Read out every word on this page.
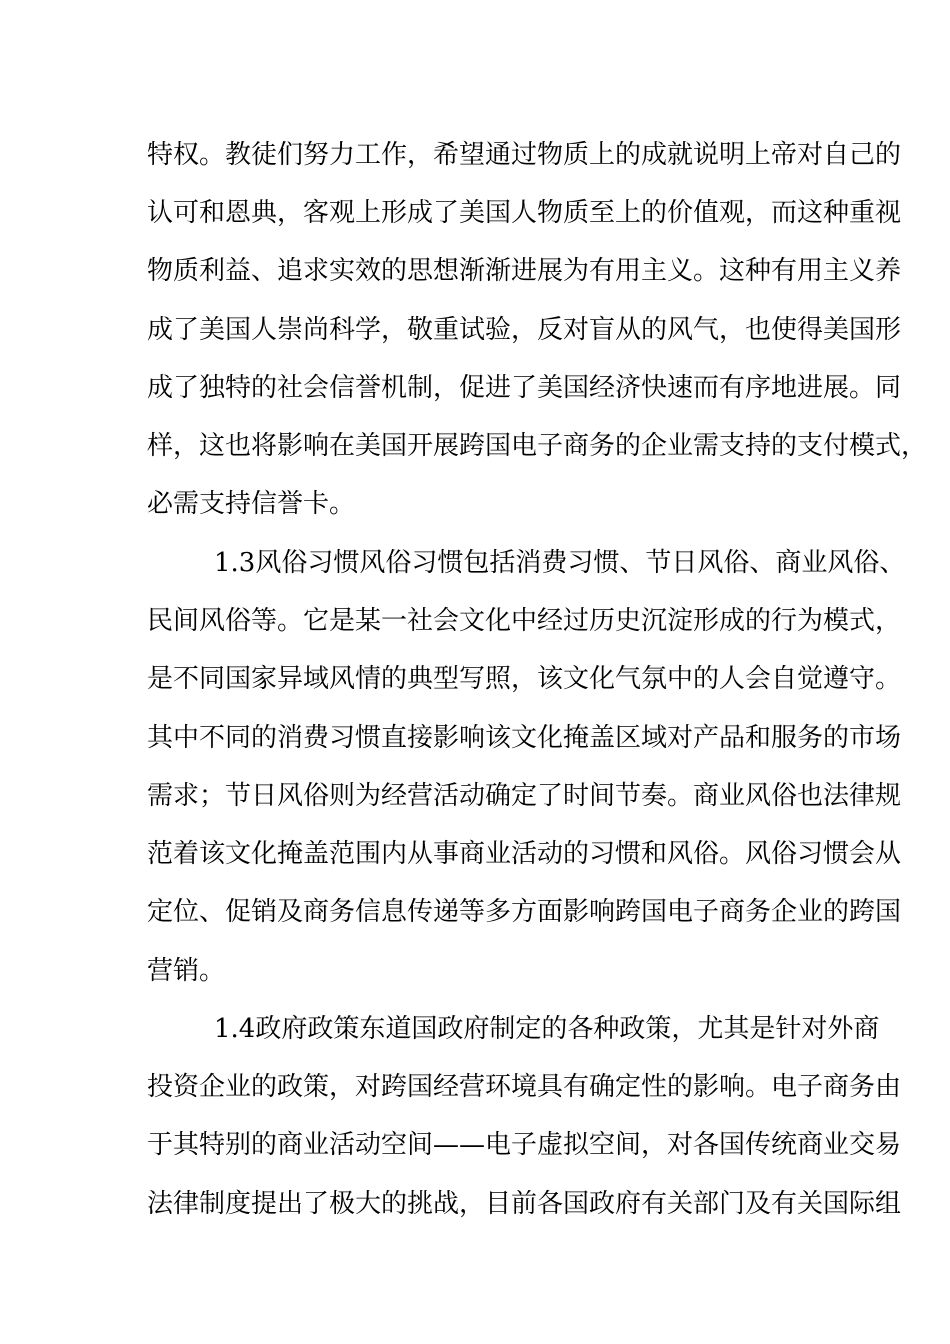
特权。教徒们努力工作，希望通过物质上的成就说明上帝对自己的

认可和恩典，客观上形成了美国人物质至上的价值观，而这种重视

物质利益、追求实效的思想渐渐进展为有用主义。这种有用主义养

成了美国人崇尚科学，敬重试验，反对盲从的风气，也使得美国形

成了独特的社会信誉机制，促进了美国经济快速而有序地进展。同

样，这也将影响在美国开展跨国电子商务的企业需支持的支付模式，

必需支持信誉卡。

1.3风俗习惯风俗习惯包括消费习惯、节日风俗、商业风俗、

民间风俗等。它是某一社会文化中经过历史沉淀形成的行为模式，

是不同国家异域风情的典型写照，该文化气氛中的人会自觉遵守。

其中不同的消费习惯直接影响该文化掩盖区域对产品和服务的市场

需求；节日风俗则为经营活动确定了时间节奏。商业风俗也法律规

范着该文化掩盖范围内从事商业活动的习惯和风俗。风俗习惯会从

定位、促销及商务信息传递等多方面影响跨国电子商务企业的跨国

营销。

1.4政府政策东道国政府制定的各种政策，尤其是针对外商

投资企业的政策，对跨国经营环境具有确定性的影响。电子商务由

于其特别的商业活动空间——电子虚拟空间，对各国传统商业交易

法律制度提出了极大的挑战，目前各国政府有关部门及有关国际组
